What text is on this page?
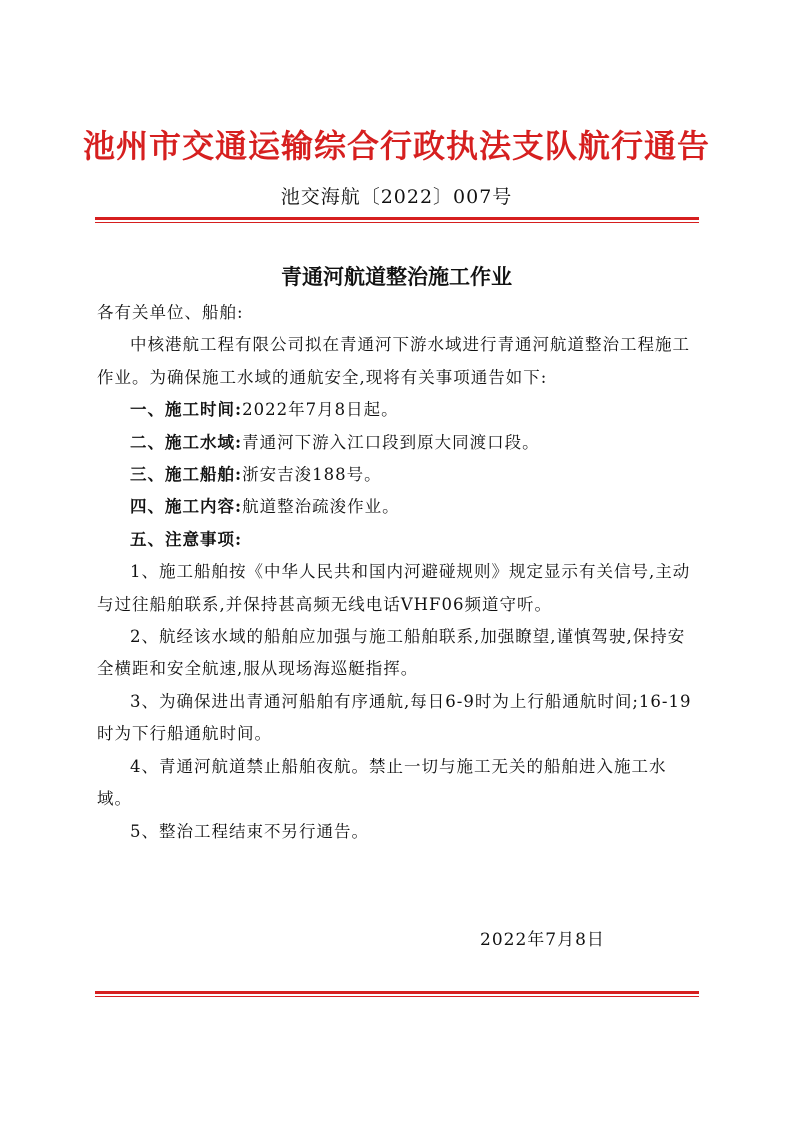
池州市交通运输综合行政执法支队航行通告
池交海航〔2022〕007号
青通河航道整治施工作业

各有关单位、船舶:

中核港航工程有限公司拟在青通河下游水域进行青通河航道整治工程施工作业。为确保施工水域的通航安全,现将有关事项通告如下:

一、施工时间:2022年7月8日起。

二、施工水域:青通河下游入江口段到原大同渡口段。

三、施工船舶:浙安吉浚188号。

四、施工内容:航道整治疏浚作业。

五、注意事项:

1、施工船舶按《中华人民共和国内河避碰规则》规定显示有关信号,主动与过往船舶联系,并保持甚高频无线电话VHF06频道守听。

2、航经该水域的船舶应加强与施工船舶联系,加强瞭望,谨慎驾驶,保持安全横距和安全航速,服从现场海巡艇指挥。

3、为确保进出青通河船舶有序通航,每日6-9时为上行船通航时间;16-19时为下行船通航时间。

4、青通河航道禁止船舶夜航。禁止一切与施工无关的船舶进入施工水域。

5、整治工程结束不另行通告。

2022年7月8日
